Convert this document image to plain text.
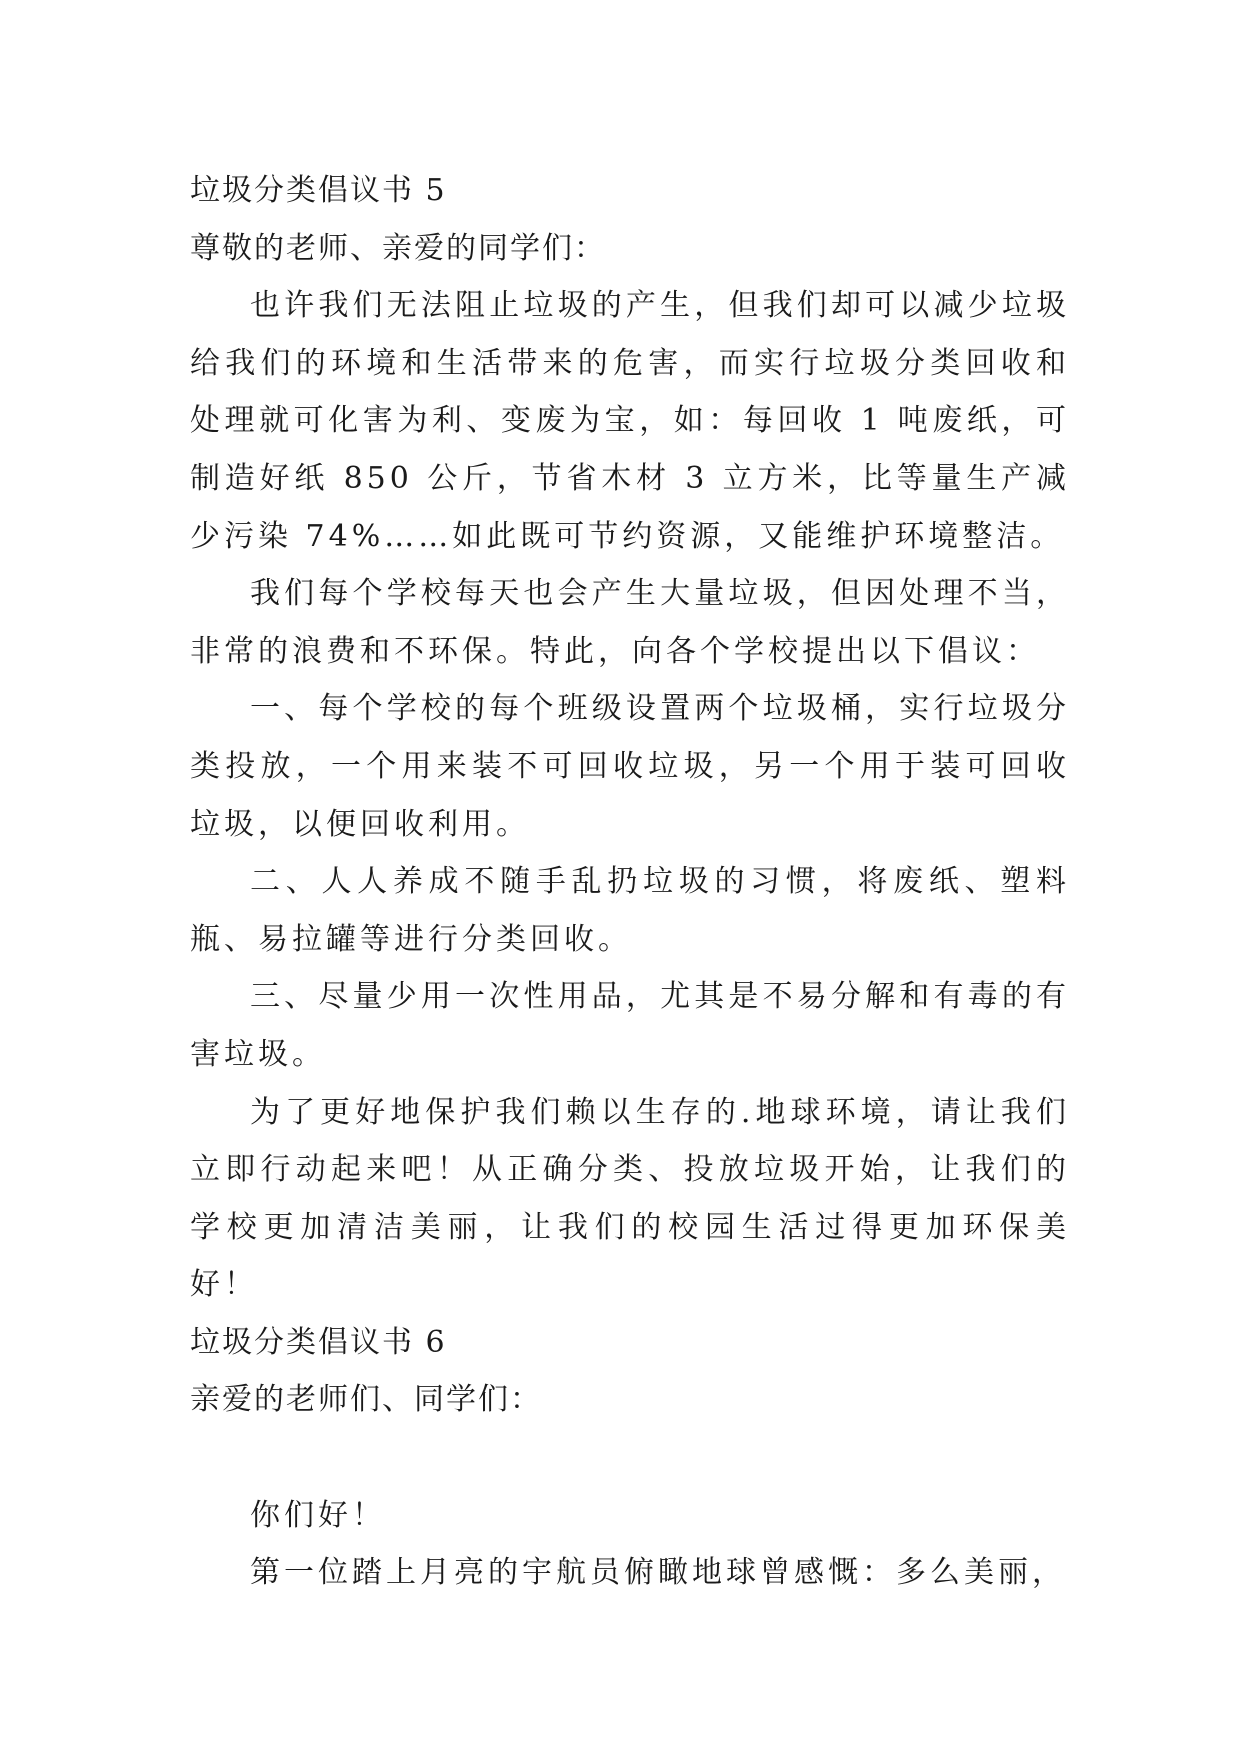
垃圾分类倡议书 5
尊敬的老师、亲爱的同学们：

也许我们无法阻止垃圾的产生，但我们却可以减少垃圾给我们的环境和生活带来的危害，而实行垃圾分类回收和处理就可化害为利、变废为宝，如：每回收 1 吨废纸，可制造好纸 850 公斤，节省木材 3 立方米，比等量生产减少污染 74%……如此既可节约资源，又能维护环境整洁。

我们每个学校每天也会产生大量垃圾，但因处理不当，非常的浪费和不环保。特此，向各个学校提出以下倡议：

一、每个学校的每个班级设置两个垃圾桶，实行垃圾分类投放，一个用来装不可回收垃圾，另一个用于装可回收垃圾，以便回收利用。

二、人人养成不随手乱扔垃圾的习惯，将废纸、塑料瓶、易拉罐等进行分类回收。

三、尽量少用一次性用品，尤其是不易分解和有毒的有害垃圾。

为了更好地保护我们赖以生存的.地球环境，请让我们立即行动起来吧！从正确分类、投放垃圾开始，让我们的学校更加清洁美丽，让我们的校园生活过得更加环保美好！

垃圾分类倡议书 6
亲爱的老师们、同学们：

你们好！

第一位踏上月亮的宇航员俯瞰地球曾感慨：多么美丽，
